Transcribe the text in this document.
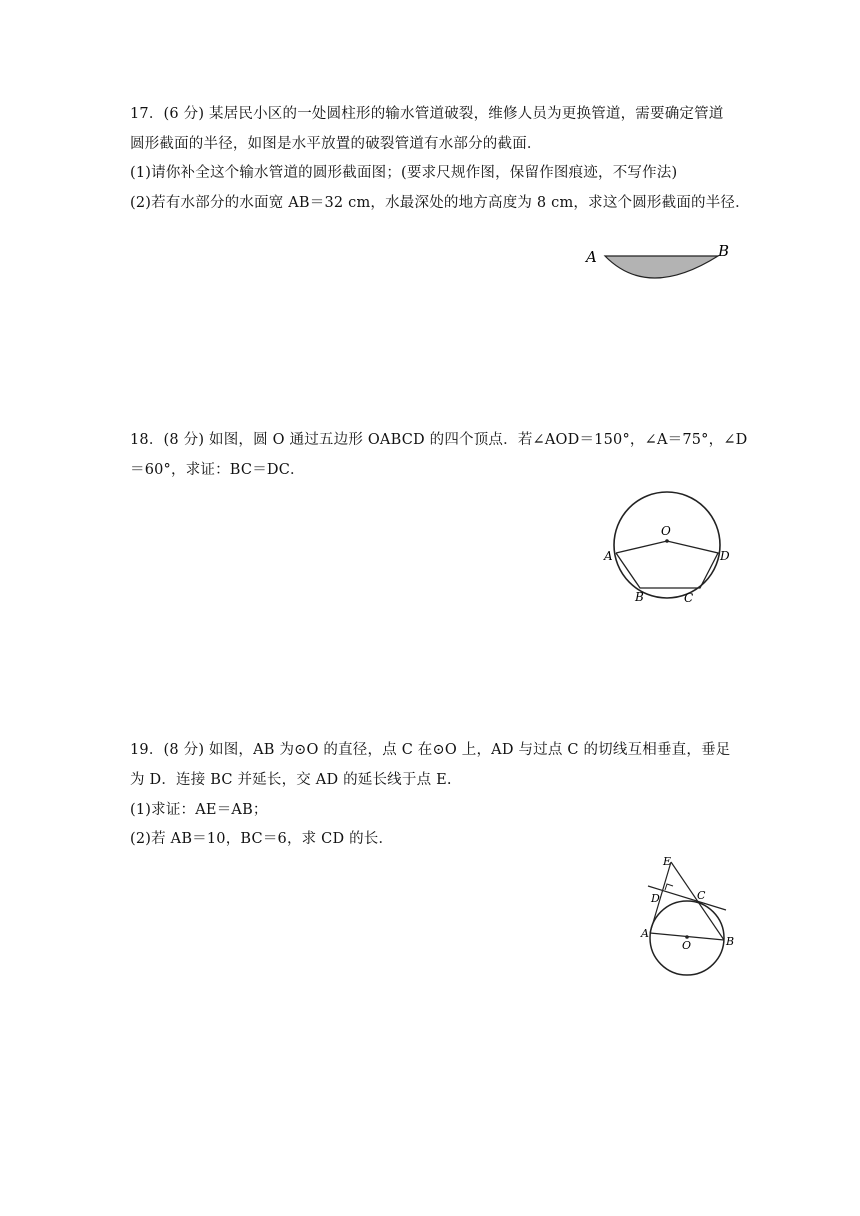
17．(6 分) 某居民小区的一处圆柱形的输水管道破裂，维修人员为更换管道，需要确定管道
圆形截面的半径，如图是水平放置的破裂管道有水部分的截面．
(1)请你补全这个输水管道的圆形截面图；(要求尺规作图，保留作图痕迹，不写作法)
(2)若有水部分的水面宽 AB＝32 cm，水最深处的地方高度为 8 cm，求这个圆形截面的半径．
A	B
18．(8 分) 如图，圆 O 通过五边形 OABCD 的四个顶点．若∠AOD＝150°，∠A＝75°，∠D
＝60°，求证：BC＝DC．
O
A	D
B	C
19．(8 分) 如图，AB 为⊙O 的直径，点 C 在⊙O 上，AD 与过点 C 的切线互相垂直，垂足
为 D．连接 BC 并延长，交 AD 的延长线于点 E.
(1)求证：AE＝AB；
(2)若 AB＝10，BC＝6，求 CD 的长．
E
D	C
A
O	B
